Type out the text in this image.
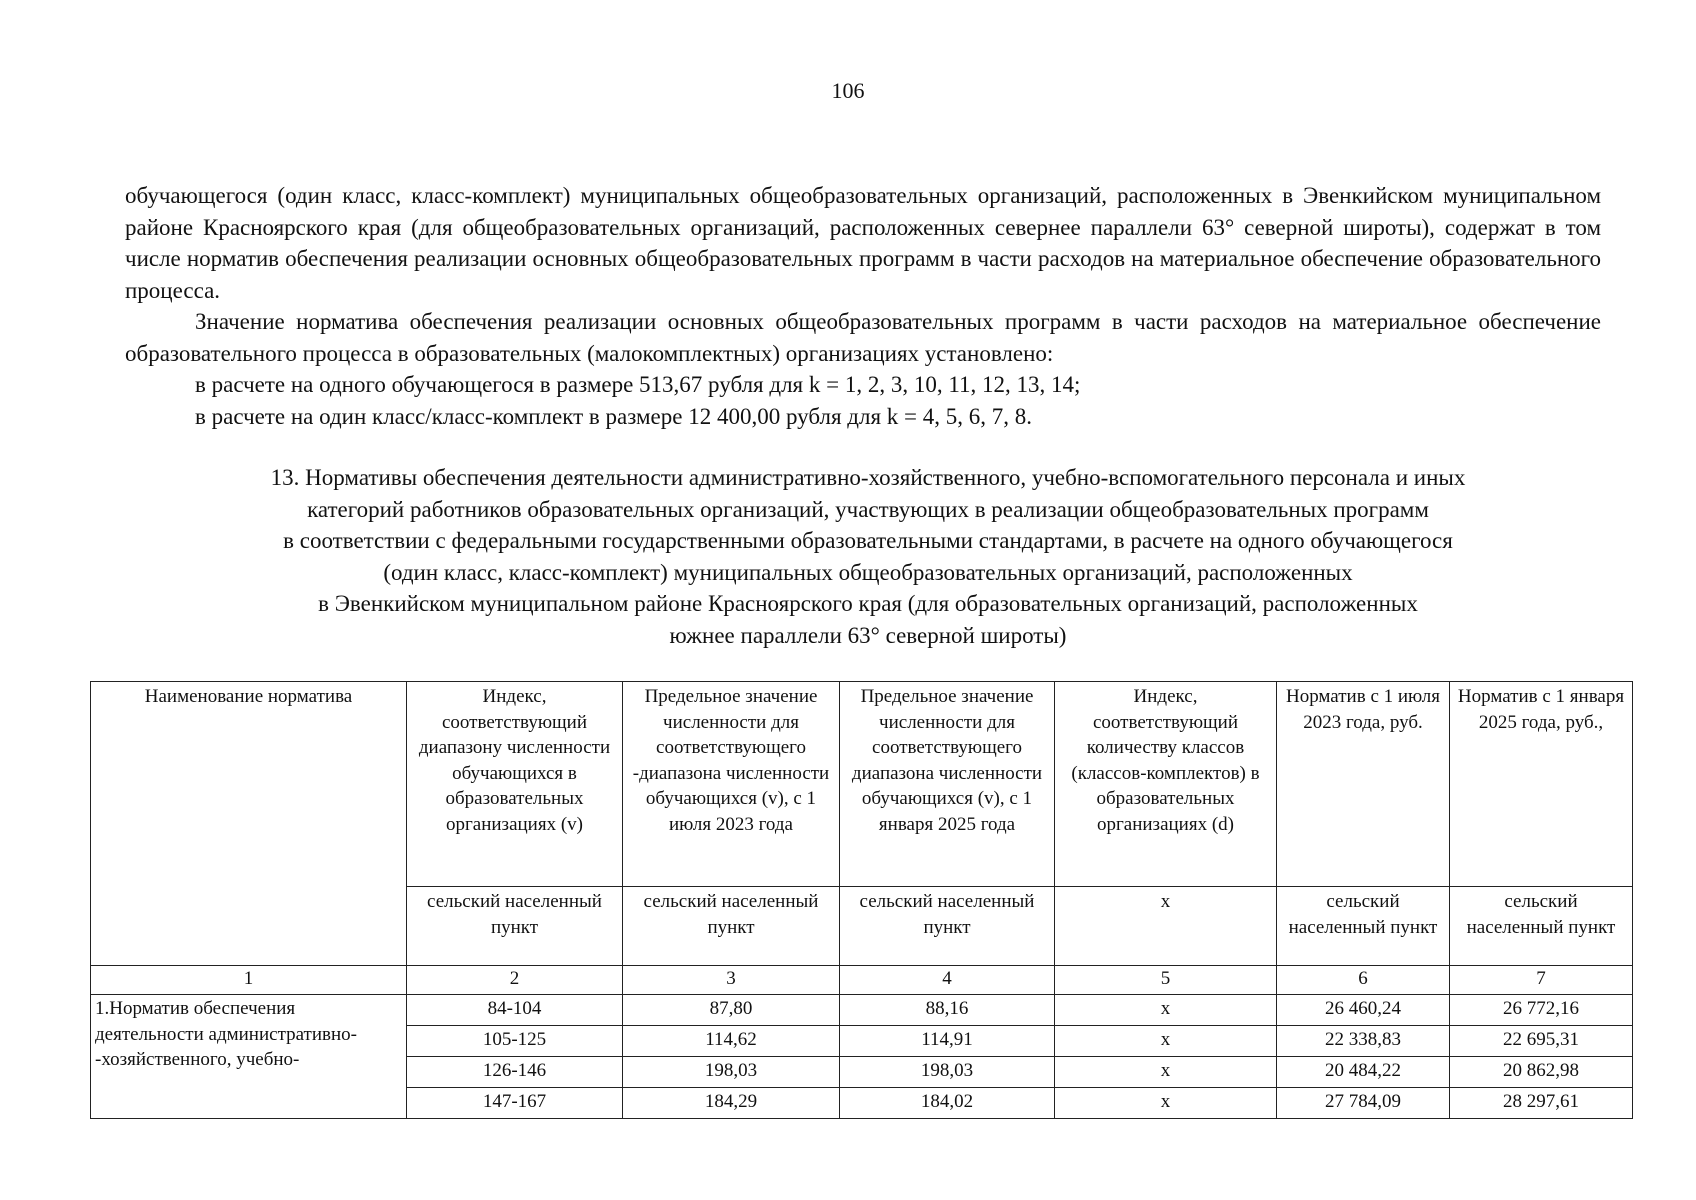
106

обучающегося (один класс, класс-комплект) муниципальных общеобразовательных организаций, расположенных в Эвенкийском муниципальном районе Красноярского края (для общеобразовательных организаций, расположенных севернее параллели 63° северной широты), содержат в том числе норматив обеспечения реализации основных общеобразовательных программ в части расходов на материальное обеспечение образовательного процесса.

Значение норматива обеспечения реализации основных общеобразовательных программ в части расходов на материальное обеспечение образовательного процесса в образовательных (малокомплектных) организациях установлено:

в расчете на одного обучающегося в размере 513,67 рубля для k = 1, 2, 3, 10, 11, 12, 13, 14;

в расчете на один класс/класс-комплект в размере 12 400,00 рубля для k = 4, 5, 6, 7, 8.

13. Нормативы обеспечения деятельности административно-хозяйственного, учебно-вспомогательного персонала и иных
категорий работников образовательных организаций, участвующих в реализации общеобразовательных программ
в соответствии с федеральными государственными образовательными стандартами, в расчете на одного обучающегося
(один класс, класс-комплект) муниципальных общеобразовательных организаций, расположенных
в Эвенкийском муниципальном районе Красноярского края (для образовательных организаций, расположенных
южнее параллели 63° северной широты)
Наименование норматива	Индекс, соответствующий диапазону численности обучающихся в образовательных организациях (v)	Предельное значение численности для соответствующего -диапазона численности обучающихся (v), с 1 июля 2023 года	Предельное значение численности для соответствующего диапазона численности обучающихся (v), с 1 января 2025 года	Индекс, соответствующий количеству классов (классов-комплектов) в образовательных организациях (d)	Норматив с 1 июля 2023 года, руб.	Норматив с 1 января 2025 года, руб.,
	сельский населенный пункт	сельский населенный пункт	сельский населенный пункт	x	сельский населенный пункт	сельский населенный пункт
1	2	3	4	5	6	7
1.Норматив обеспечения деятельности административно- -хозяйственного, учебно-	84-104	87,80	88,16	x	26 460,24	26 772,16
	105-125	114,62	114,91	x	22 338,83	22 695,31
	126-146	198,03	198,03	x	20 484,22	20 862,98
	147-167	184,29	184,02	x	27 784,09	28 297,61
